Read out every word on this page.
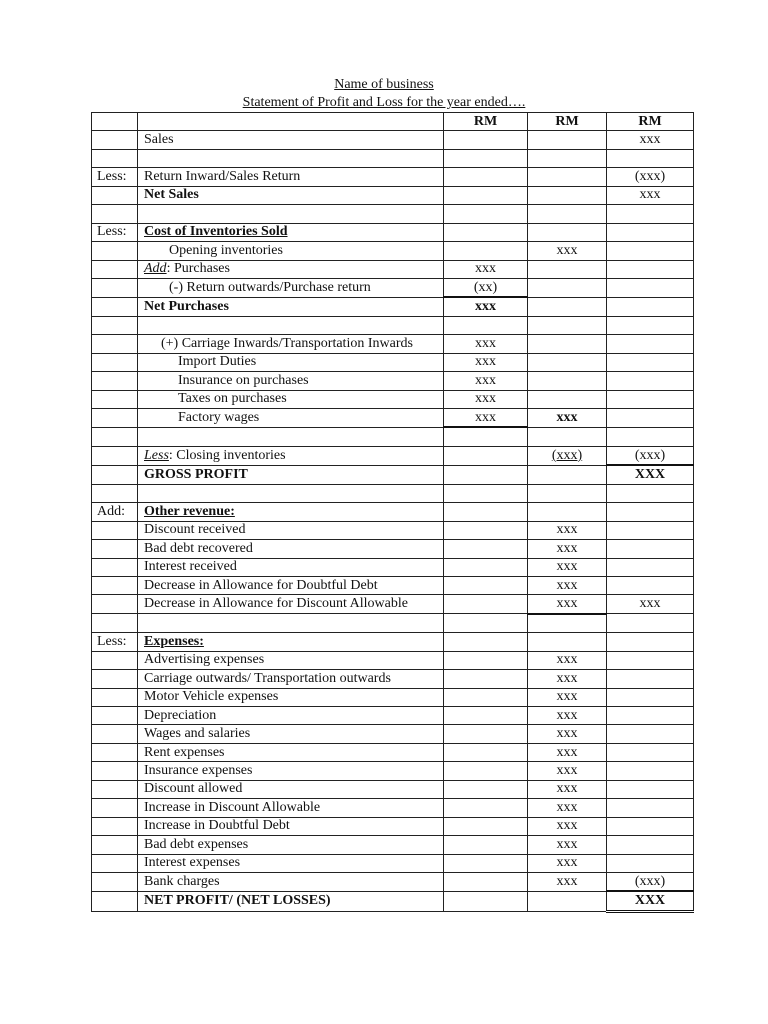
Name of business
Statement of Profit and Loss for the year ended….
		RM	RM	RM
	Sales			xxx

Less:	Return Inward/Sales Return			(xxx)
	Net Sales			xxx

Less:	Cost of Inventories Sold			
	Opening inventories		xxx	
	Add: Purchases	xxx		
	(-) Return outwards/Purchase return	(xx)		
	Net Purchases	xxx		

	(+) Carriage Inwards/Transportation Inwards	xxx		
	Import Duties	xxx		
	Insurance on purchases	xxx		
	Taxes on purchases	xxx		
	Factory wages	xxx	xxx	

	Less: Closing inventories		(xxx)	(xxx)
	GROSS PROFIT			XXX

Add:	Other revenue:			
	Discount received		xxx	
	Bad debt recovered		xxx	
	Interest received		xxx	
	Decrease in Allowance for Doubtful Debt		xxx	
	Decrease in Allowance for Discount Allowable		xxx	xxx

Less:	Expenses:			
	Advertising expenses		xxx	
	Carriage outwards/ Transportation outwards		xxx	
	Motor Vehicle expenses		xxx	
	Depreciation		xxx	
	Wages and salaries		xxx	
	Rent expenses		xxx	
	Insurance expenses		xxx	
	Discount allowed		xxx	
	Increase in Discount Allowable		xxx	
	Increase in Doubtful Debt		xxx	
	Bad debt expenses		xxx	
	Interest expenses		xxx	
	Bank charges		xxx	(xxx)
	NET PROFIT/ (NET LOSSES)			XXX
